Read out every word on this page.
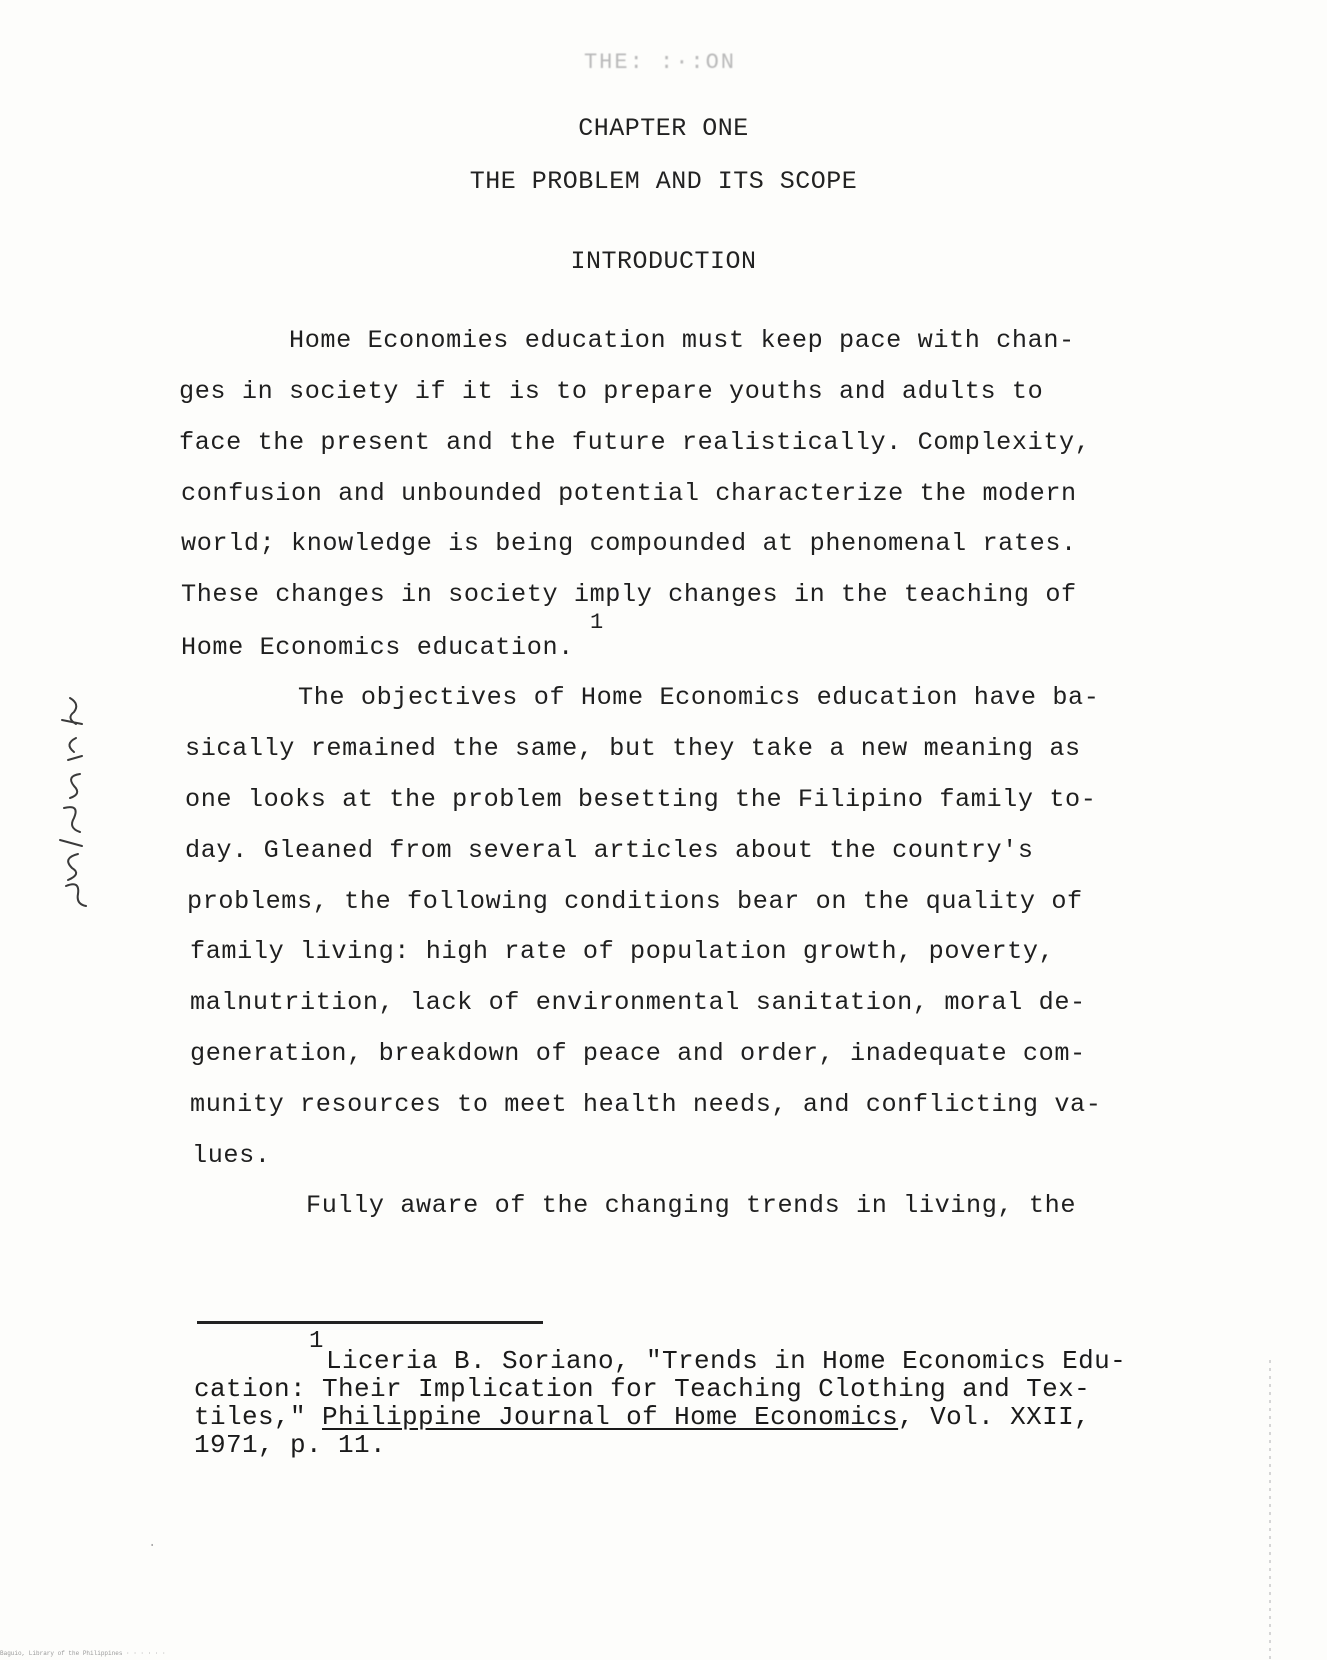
THE: :·:ON
CHAPTER ONE
THE PROBLEM AND ITS SCOPE
INTRODUCTION
Home Economies education must keep pace with chan-
ges in society if it is to prepare youths and adults to
face the present and the future realistically. Complexity,
confusion and unbounded potential characterize the modern
world; knowledge is being compounded at phenomenal rates.
These changes in society imply changes in the teaching of
Home Economics education.
1
The objectives of Home Economics education have ba-
sically remained the same, but they take a new meaning as
one looks at the problem besetting the Filipino family to-
day. Gleaned from several articles about the country's
problems, the following conditions bear on the quality of
family living: high rate of population growth, poverty,
malnutrition, lack of environmental sanitation, moral de-
generation, breakdown of peace and order, inadequate com-
munity resources to meet health needs, and conflicting va-
lues.
Fully aware of the changing trends in living, the
1
Liceria B. Soriano, "Trends in Home Economics Edu-
cation: Their Implication for Teaching Clothing and Tex-
tiles," Philippine Journal of Home Economics, Vol. XXII,
1971, p. 11.
·
Baguio, Library of the Philippines · · · · · ·
